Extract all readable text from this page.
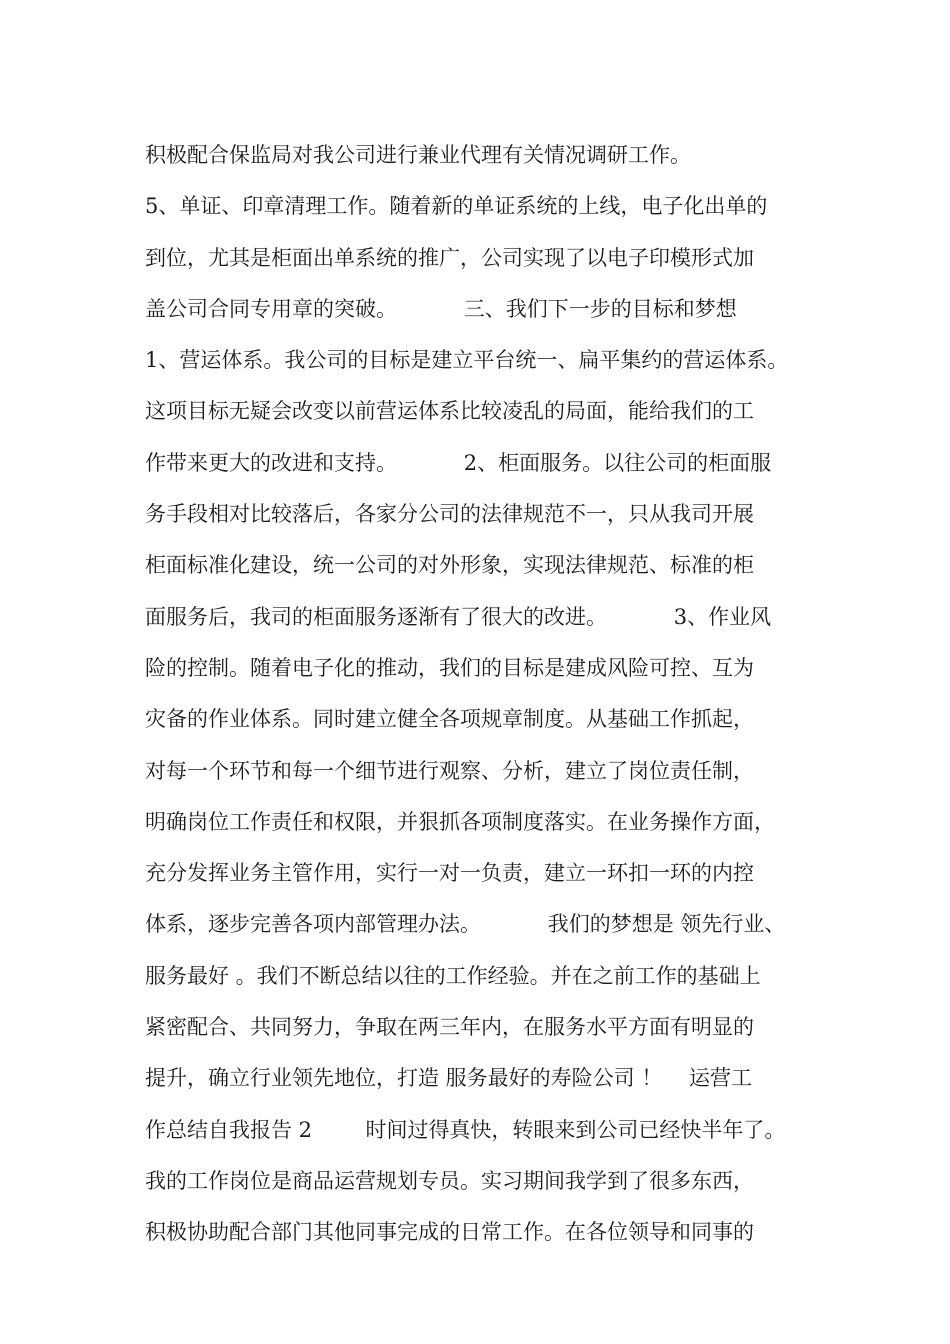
积极配合保监局对我公司进行兼业代理有关情况调研工作。
5、单证、印章清理工作。随着新的单证系统的上线，电子化出单的
到位，尤其是柜面出单系统的推广，公司实现了以电子印模形式加
盖公司合同专用章的突破。          三、我们下一步的目标和梦想
1、营运体系。我公司的目标是建立平台统一、扁平集约的营运体系。
这项目标无疑会改变以前营运体系比较凌乱的局面，能给我们的工
作带来更大的改进和支持。          2、柜面服务。以往公司的柜面服
务手段相对比较落后，各家分公司的法律规范不一，只从我司开展
柜面标准化建设，统一公司的对外形象，实现法律规范、标准的柜
面服务后，我司的柜面服务逐渐有了很大的改进。          3、作业风
险的控制。随着电子化的推动，我们的目标是建成风险可控、互为
灾备的作业体系。同时建立健全各项规章制度。从基础工作抓起，
对每一个环节和每一个细节进行观察、分析，建立了岗位责任制，
明确岗位工作责任和权限，并狠抓各项制度落实。在业务操作方面，
充分发挥业务主管作用，实行一对一负责，建立一环扣一环的内控
体系，逐步完善各项内部管理办法。          我们的梦想是 领先行业、
服务最好 。我们不断总结以往的工作经验。并在之前工作的基础上
紧密配合、共同努力，争取在两三年内，在服务水平方面有明显的
提升，确立行业领先地位，打造 服务最好的寿险公司 ！    运营工
作总结自我报告 2        时间过得真快，转眼来到公司已经快半年了。
我的工作岗位是商品运营规划专员。实习期间我学到了很多东西，
积极协助配合部门其他同事完成的日常工作。在各位领导和同事的
